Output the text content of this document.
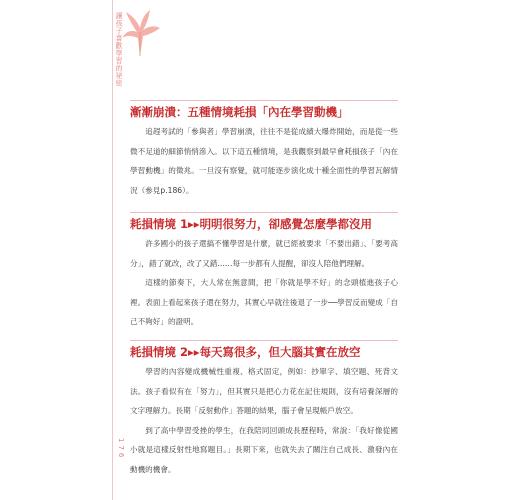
讓孩子喜歡學習的祕密
176
漸漸崩潰：五種情境耗損「內在學習動機」

追趕考試的「參與者」學習崩潰，往往不是從成績大爆炸開始，而是從一些微不足道的細節悄悄滲入。以下這五種情境，是我觀察到最早會耗損孩子「內在學習動機」的徵兆。一旦沒有察覺，就可能逐步演化成十種全面性的學習瓦解情況（參見p.186）。

耗損情境 1▸▸明明很努力，卻感覺怎麼學都沒用

許多國小的孩子還搞不懂學習是什麼，就已經被要求「不要出錯」、「要考高分」，錯了就改，改了又錯……每一步都有人提醒，卻沒人陪他們理解。

這樣的節奏下，大人常在無意間，把「你就是學不好」的念頭植進孩子心裡。表面上看起來孩子還在努力，其實心早就往後退了一步──學習反而變成「自己不夠好」的證明。

耗損情境 2▸▸每天寫很多，但大腦其實在放空

學習的內容變成機械性重複、格式固定，例如：抄單字、填空題、死背文法。孩子看似有在「努力」，但其實只是把心力花在記住規則，沒有培養深層的文字理解力。長期「反射動作」答題的結果，腦子會呈現帳戶放空。

到了高中學習受挫的學生，在我陪同回頭成長歷程時，常說：「我好像從國小就是這樣反射性地寫題目。」長期下來，也就失去了關注自己成長、激發內在動機的機會。
